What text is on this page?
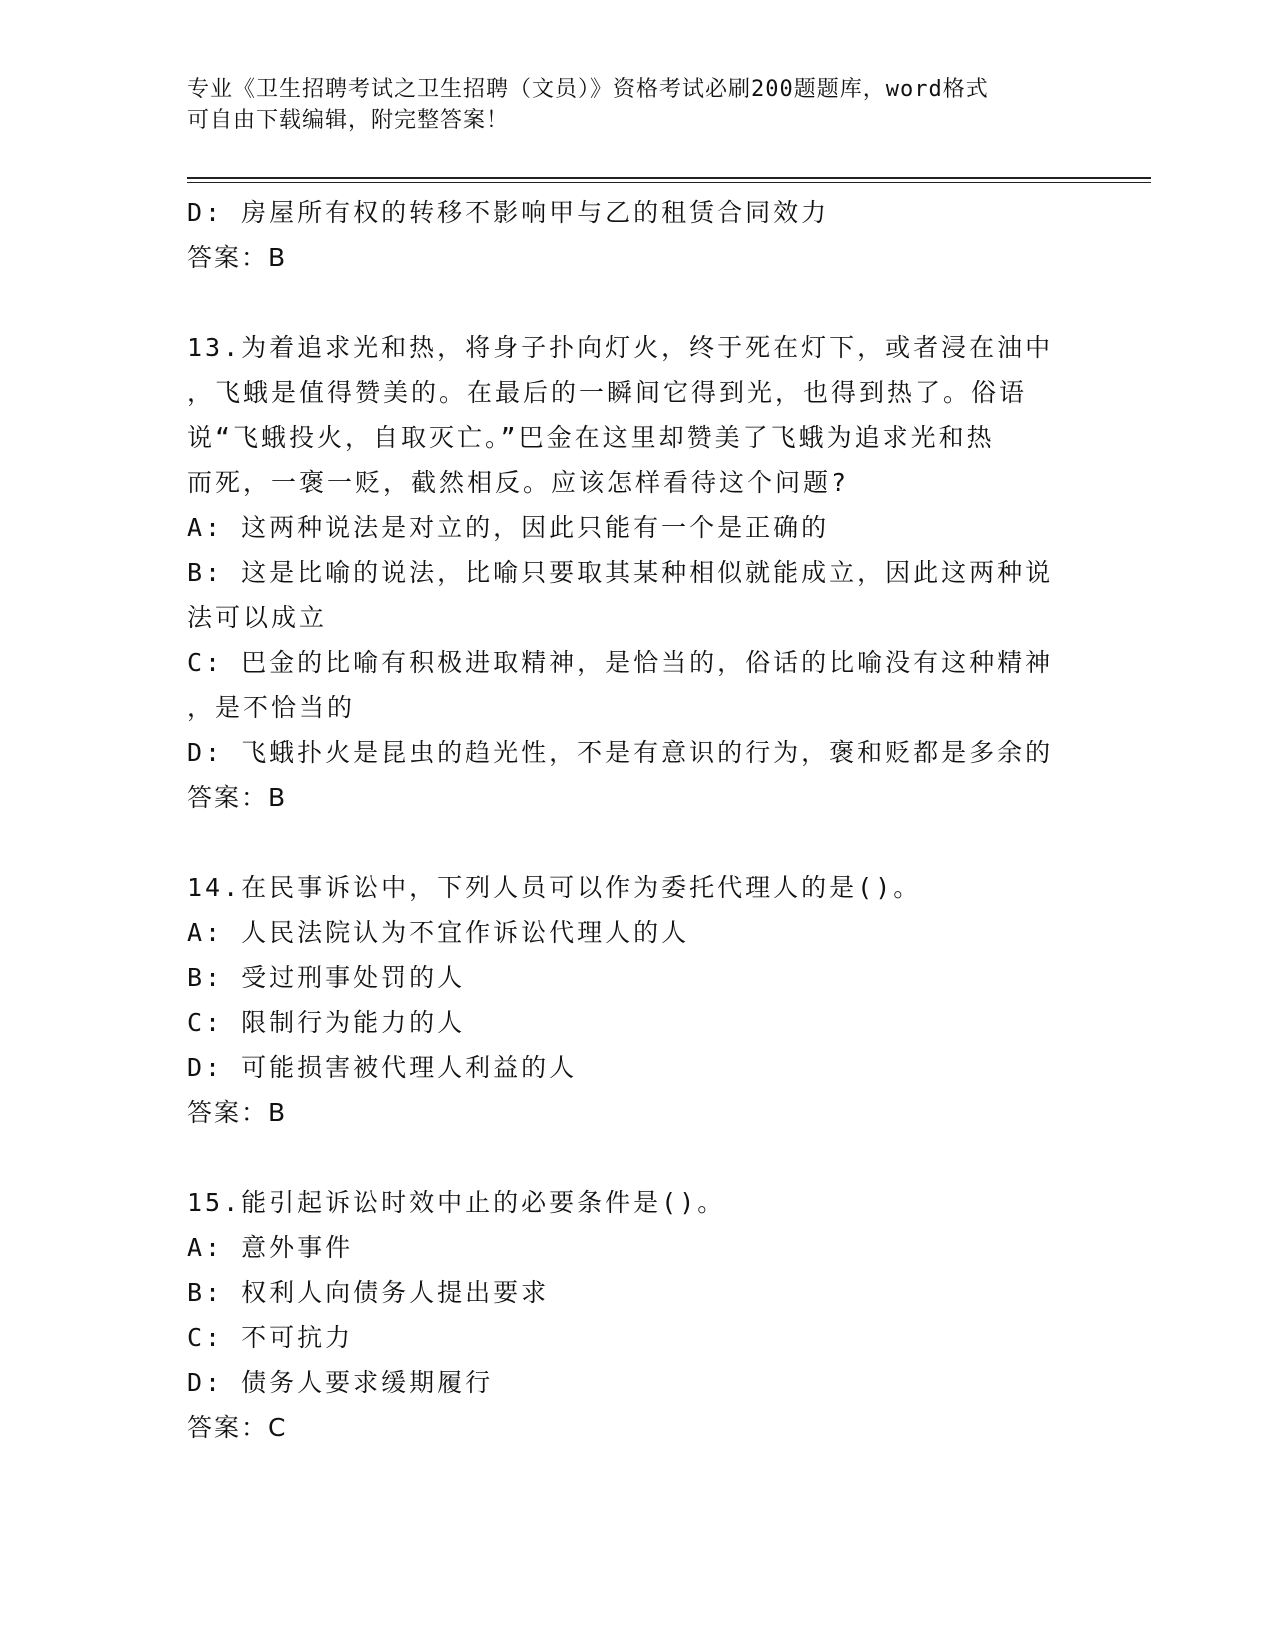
专业《卫生招聘考试之卫生招聘（文员）》资格考试必刷200题题库，word格式
可自由下载编辑，附完整答案！
D: 房屋所有权的转移不影响甲与乙的租赁合同效力
答案：B
13.为着追求光和热，将身子扑向灯火，终于死在灯下，或者浸在油中
，飞蛾是值得赞美的。在最后的一瞬间它得到光，也得到热了。俗语
说“飞蛾投火，自取灭亡。”巴金在这里却赞美了飞蛾为追求光和热
而死，一褒一贬，截然相反。应该怎样看待这个问题?
A: 这两种说法是对立的，因此只能有一个是正确的
B: 这是比喻的说法，比喻只要取其某种相似就能成立，因此这两种说
法可以成立
C: 巴金的比喻有积极进取精神，是恰当的，俗话的比喻没有这种精神
，是不恰当的
D: 飞蛾扑火是昆虫的趋光性，不是有意识的行为，褒和贬都是多余的
答案：B
14.在民事诉讼中，下列人员可以作为委托代理人的是()。
A: 人民法院认为不宜作诉讼代理人的人
B: 受过刑事处罚的人
C: 限制行为能力的人
D: 可能损害被代理人利益的人
答案：B
15.能引起诉讼时效中止的必要条件是()。
A: 意外事件
B: 权利人向债务人提出要求
C: 不可抗力
D: 债务人要求缓期履行
答案：C
